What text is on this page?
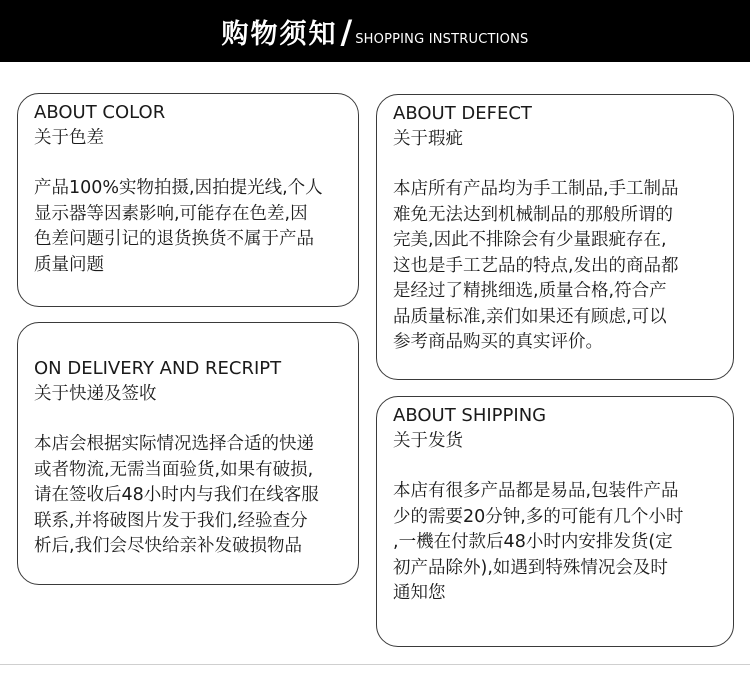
购物须知 / SHOPPING INSTRUCTIONS
ABOUT COLOR
关于色差
产品100%实物拍摄,因拍提光线,个人
显示器等因素影响,可能存在色差,因
色差问题引记的退货换货不属于产品
质量问题
ON DELIVERY AND RECRIPT
关于快递及签收
本店会根据实际情况选择合适的快递
或者物流,无需当面验货,如果有破损,
请在签收后48小时内与我们在线客服
联系,并将破图片发于我们,经验查分
析后,我们会尽快给亲补发破损物品
ABOUT DEFECT
关于瑕疵
本店所有产品均为手工制品,手工制品
难免无法达到机械制品的那般所谓的
完美,因此不排除会有少量跟疵存在,
这也是手工艺品的特点,发出的商品都
是经过了精挑细选,质量合格,符合产
品质量标准,亲们如果还有顾虑,可以
参考商品购买的真实评价。
ABOUT SHIPPING
关于发货
本店有很多产品都是易品,包装件产品
少的需要20分钟,多的可能有几个小时
,一機在付款后48小时内安排发货(定
初产品除外),如遇到特殊情况会及时
通知您
